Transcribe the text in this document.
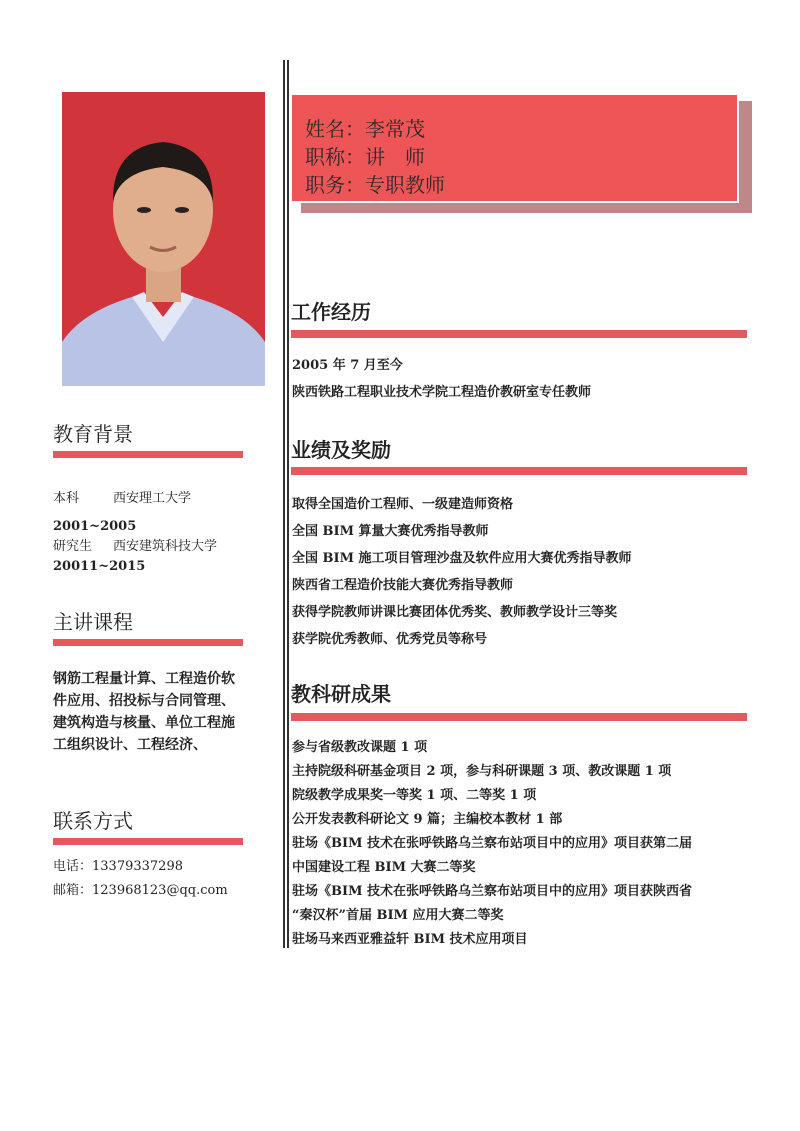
教育背景
本科	西安理工大学
2001~2005
研究生	西安建筑科技大学
20011~2015
主讲课程
钢筋工程量计算、工程造价软件应用、招投标与合同管理、建筑构造与核量、单位工程施工组织设计、工程经济、
联系方式
电话：13379337298
邮箱：123968123@qq.com
姓名：李常茂
职称：讲　师
职务：专职教师
工作经历
2005 年 7 月至今
陕西铁路工程职业技术学院工程造价教研室专任教师
业绩及奖励
取得全国造价工程师、一级建造师资格
全国 BIM 算量大赛优秀指导教师
全国 BIM 施工项目管理沙盘及软件应用大赛优秀指导教师
陕西省工程造价技能大赛优秀指导教师
获得学院教师讲课比赛团体优秀奖、教师教学设计三等奖
获学院优秀教师、优秀党员等称号
教科研成果
参与省级教改课题 1 项
主持院级科研基金项目 2 项，参与科研课题 3 项、教改课题 1 项
院级教学成果奖一等奖 1 项、二等奖 1 项
公开发表教科研论文 9 篇；主编校本教材 1 部
驻场《BIM 技术在张呼铁路乌兰察布站项目中的应用》项目获第二届
中国建设工程 BIM 大赛二等奖
驻场《BIM 技术在张呼铁路乌兰察布站项目中的应用》项目获陕西省
“秦汉杯”首届 BIM 应用大赛二等奖
驻场马来西亚雅益轩 BIM 技术应用项目
